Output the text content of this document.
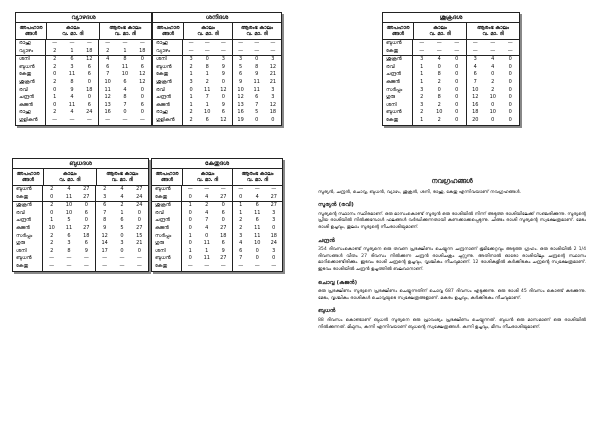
വ്യാഴദശ
അപഹാര ങ്ങൾ
കാലം
വ. മാ. ദി
ആരംഭ കാലം
വ. മാ. ദി
രാഹു	— — —	— — —
വ്യാഴം	2	1	18	2	1	18
ശനി	2	6	12	4	8	0
ബുധൻ	2	3	6	6	11	6
കേതു	0	11	6	7	10 12
ശുക്രൻ	2	8	0	10	6	12
രവി	0	9	18 11	4	0
ചന്ദ്രൻ	1	4	0	12	8	0
കുജൻ	0	11	6	13	7	6
രാഹു	2	4	24 16	0	0
ഗുളികൻ	— — —	— — —
ശനിദശ
അപഹാര ങ്ങൾ
കാലം
വ. മാ. ദി
ആരംഭ കാലം
വ. മാ. ദി
രാഹു	— — — — — —
വ്യാഴം	— — — — — —
ശനി	3	0	3	3	0	3
ബുധൻ	2	8	9	5	8	12
കേതു	1	1	9	6	9	21
ശുക്രൻ	3	2	0	9	11 21
രവി	0	11 12 10 11	3
ചന്ദ്രൻ	1	7	0	12	6	3
കുജൻ	1	1	9	13	7	12
രാഹു	2	10	6	16	5	18
ഗുളികൻ	2	6	12 19	0	0
ബുധദശ
അപഹാര ങ്ങൾ
കാലം
വ. മാ. ദി
ആരംഭ കാലം
വ. മാ. ദി
ബുധൻ	2	4	27	2	4	27
കേതു	0	11 27	3	4	24
ശുക്രൻ	2	10	0	6	2	24
രവി	0	10	6	7	1	0
ചന്ദ്രൻ	1	5	0	8	6	0
കുജൻ	10 11 27	9	5	27
സർപ്പം	2	6	18 12	0	15
ഗുരു	2	3	6	14	3	21
ശനി	2	8	9	17	0	0
ബുധൻ	— — —	— — —
കേതു	— — —	— — —
കേതുദശ
അപഹാര ങ്ങൾ
കാലം
വ. മാ. ദി
ആരംഭ കാലം
വ. മാ. ദി
ബുധൻ	— — —	— — —
കേതു	0	4	27	0	4	27
ശുക്രൻ	1	2	0	1	6	27
രവി	0	4	6	1	11	3
ചന്ദ്രൻ	0	7	0	2	6	3
കുജൻ	0	4	27	2	11	0
സർപ്പം	1	0	18	3	11 18
ഗുരു	0	11	6	4	10 24
ശനി	1	1	9	6	0	3
ബുധൻ	0	11 27	7	0	0
കേതു	— — —	— — —
ശുക്രദശ
അപഹാര ങ്ങൾ
കാലം
വ. മാ. ദി
ആരംഭ കാലം
വ. മാ. ദി
ബുധൻ	—	—	—	—	—	—
കേതു	—	—	—	—	—	—
ശുക്രൻ	3	4	0	3	4	0
രവി	1	0	0	4	4	0
ചന്ദ്രൻ	1	8	0	6	0	0
കുജൻ	1	2	0	7	2	0
സർപ്പം	3	0	0	10	2	0
ഗുരു	2	8	0	12 10	0
ശനി	3	2	0	16	0	0
ബുധൻ	2	10	0	18 10	0
കേതു	1	2	0	20	0	0
നവഗ്രഹങ്ങൾ

സൂര്യൻ, ചന്ദ്രൻ, ചൊവ്വ, ബുധൻ, വ്യാഴം, ശുക്രൻ, ശനി, രാഹു, കേതു എന്നിവയാണ് നവഗ്രഹങ്ങൾ.

സൂര്യൻ (രവി)

സൂര്യന്റെ സ്ഥാനം സ്ഥിരമാണ്. ഒരു മാസംകൊണ്ട് സൂര്യൻ ഒരു രാശിയിൽ നിന്ന് അടുത്ത രാശിയിലേക്ക് സഞ്ചരിക്കുന്നു. സൂര്യന്റെ പ്രിയ രാശിയിൽ നിൽക്കുമ്പോൾ ഫലങ്ങൾ വർദ്ധിക്കുന്നതായി കണക്കാക്കപ്പെടുന്നു. ചിങ്ങം രാശി സൂര്യന്റെ സ്വക്ഷേത്രമാണ്. മേടം രാശി ഉച്ചവും, തുലാം സൂര്യന്റെ നീചരാശിയുമാണ്.

ചന്ദ്രൻ

354 ദിവസംകൊണ്ട് സൂര്യനെ ഒരു തവണ പ്രദക്ഷിണം ചെയ്യുന്ന ചന്ദ്രനാണ് ഭൂമിക്കേറ്റവും അടുത്ത ഗ്രഹം. ഒരു രാശിയിൽ 2 1/4 ദിവസങ്ങൾ വീതം 27 ദിവസം നിൽക്കുന്ന ചന്ദ്രൻ രാശിചക്രം ചുറ്റുന്നു. അതിനാൽ ഓരോ രാശിയിലും ചന്ദ്രന്റെ സ്ഥാനം മാറിക്കൊണ്ടിരിക്കും. ഇടവം രാശി ചന്ദ്രന്റെ ഉച്ചവും, വൃശ്ചികം നീചവുമാണ്. 12 രാശികളിൽ കർക്കിടകം ചന്ദ്രന്റെ സ്വക്ഷേത്രമാണ്. ഇടവം രാശിയിൽ ചന്ദ്രൻ ഉച്ചത്തിൽ ബലവാനാണ്.

ചൊവ്വ (കുജൻ)

ഒരു പ്രദക്ഷിണം സൂര്യനെ പ്രദക്ഷിണം ചെയ്യുന്നതിന് ചൊവ്വ 687 ദിവസം എടുക്കുന്നു. ഒരു രാശി 45 ദിവസം കൊണ്ട് കടക്കുന്നു. മേടം, വൃശ്ചികം രാശികൾ ചൊവ്വയുടെ സ്വക്ഷേത്രങ്ങളാണ്. മകരം ഉച്ചവും, കർക്കിടകം നീചവുമാണ്.

ബുധൻ

88 ദിവസം കൊണ്ടാണ് ബുധൻ സൂര്യനെ ഒരു പ്രാവശ്യം പ്രദക്ഷിണം ചെയ്യുന്നത്. ബുധൻ ഒരു മാസമാണ് ഒരു രാശിയിൽ നിൽക്കുന്നത്. മിഥുനം, കന്നി എന്നിവയാണ് ബുധന്റെ സ്വക്ഷേത്രങ്ങൾ. കന്നി ഉച്ചവും, മീനം നീചരാശിയുമാണ്.
